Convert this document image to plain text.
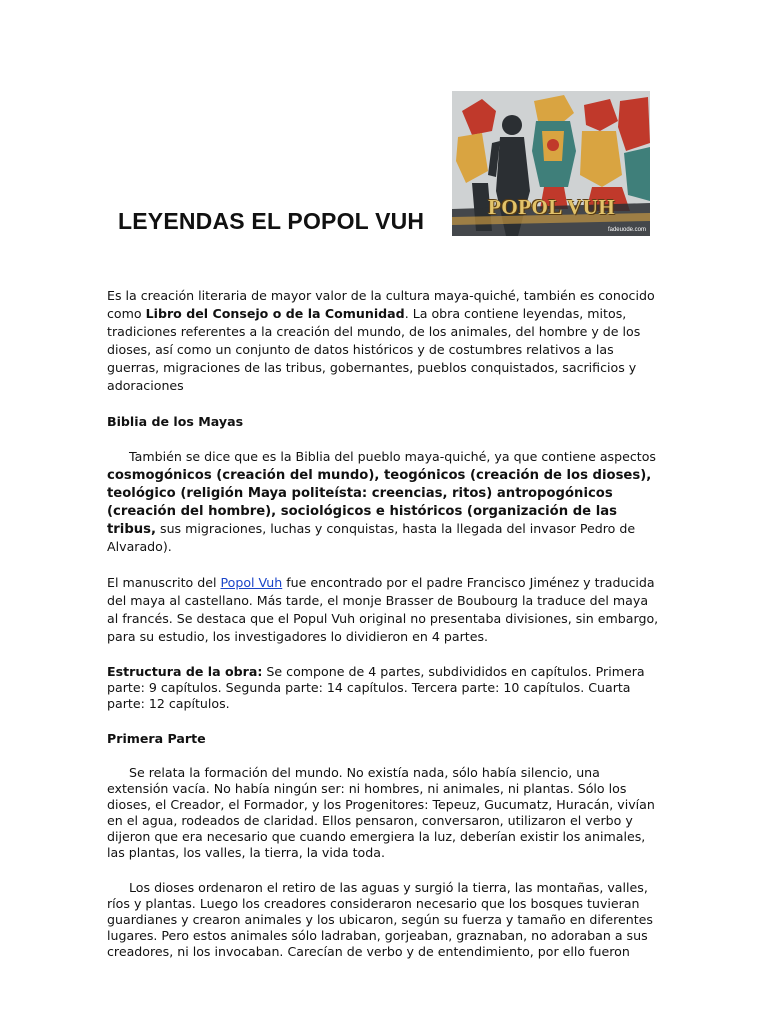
POPOL VUH
fadeuode.com
LEYENDAS EL POPOL VUH

Es la creación literaria de mayor valor de la cultura maya-quiché, también es conocido como Libro del Consejo o de la Comunidad. La obra contiene leyendas, mitos, tradiciones referentes a la creación del mundo, de los animales, del hombre y de los dioses, así como un conjunto de datos históricos y de costumbres relativos a las guerras, migraciones de las tribus, gobernantes, pueblos conquistados, sacrificios y adoraciones

Biblia de los Mayas

También se dice que es la Biblia del pueblo maya-quiché, ya que contiene aspectos cosmogónicos (creación del mundo), teogónicos (creación de los dioses), teológico (religión Maya politeísta: creencias, ritos) antropogónicos (creación del hombre), sociológicos e históricos (organización de las tribus, sus migraciones, luchas y conquistas, hasta la llegada del invasor Pedro de Alvarado).

El manuscrito del Popol Vuh fue encontrado por el padre Francisco Jiménez y traducida del maya al castellano. Más tarde, el monje Brasser de Boubourg la traduce del maya al francés. Se destaca que el Popul Vuh original no presentaba divisiones, sin embargo, para su estudio, los investigadores lo dividieron en 4 partes.

Estructura de la obra: Se compone de 4 partes, subdivididos en capítulos. Primera parte: 9 capítulos. Segunda parte: 14 capítulos. Tercera parte: 10 capítulos. Cuarta parte: 12 capítulos.

Primera Parte

Se relata la formación del mundo. No existía nada, sólo había silencio, una extensión vacía. No había ningún ser: ni hombres, ni animales, ni plantas. Sólo los dioses, el Creador, el Formador, y los Progenitores: Tepeuz, Gucumatz, Huracán, vivían en el agua, rodeados de claridad. Ellos pensaron, conversaron, utilizaron el verbo y dijeron que era necesario que cuando emergiera la luz, deberían existir los animales, las plantas, los valles, la tierra, la vida toda.

Los dioses ordenaron el retiro de las aguas y surgió la tierra, las montañas, valles, ríos y plantas. Luego los creadores consideraron necesario que los bosques tuvieran guardianes y crearon animales y los ubicaron, según su fuerza y tamaño en diferentes lugares. Pero estos animales sólo ladraban, gorjeaban, graznaban, no adoraban a sus creadores, ni los invocaban. Carecían de verbo y de entendimiento, por ello fueron
